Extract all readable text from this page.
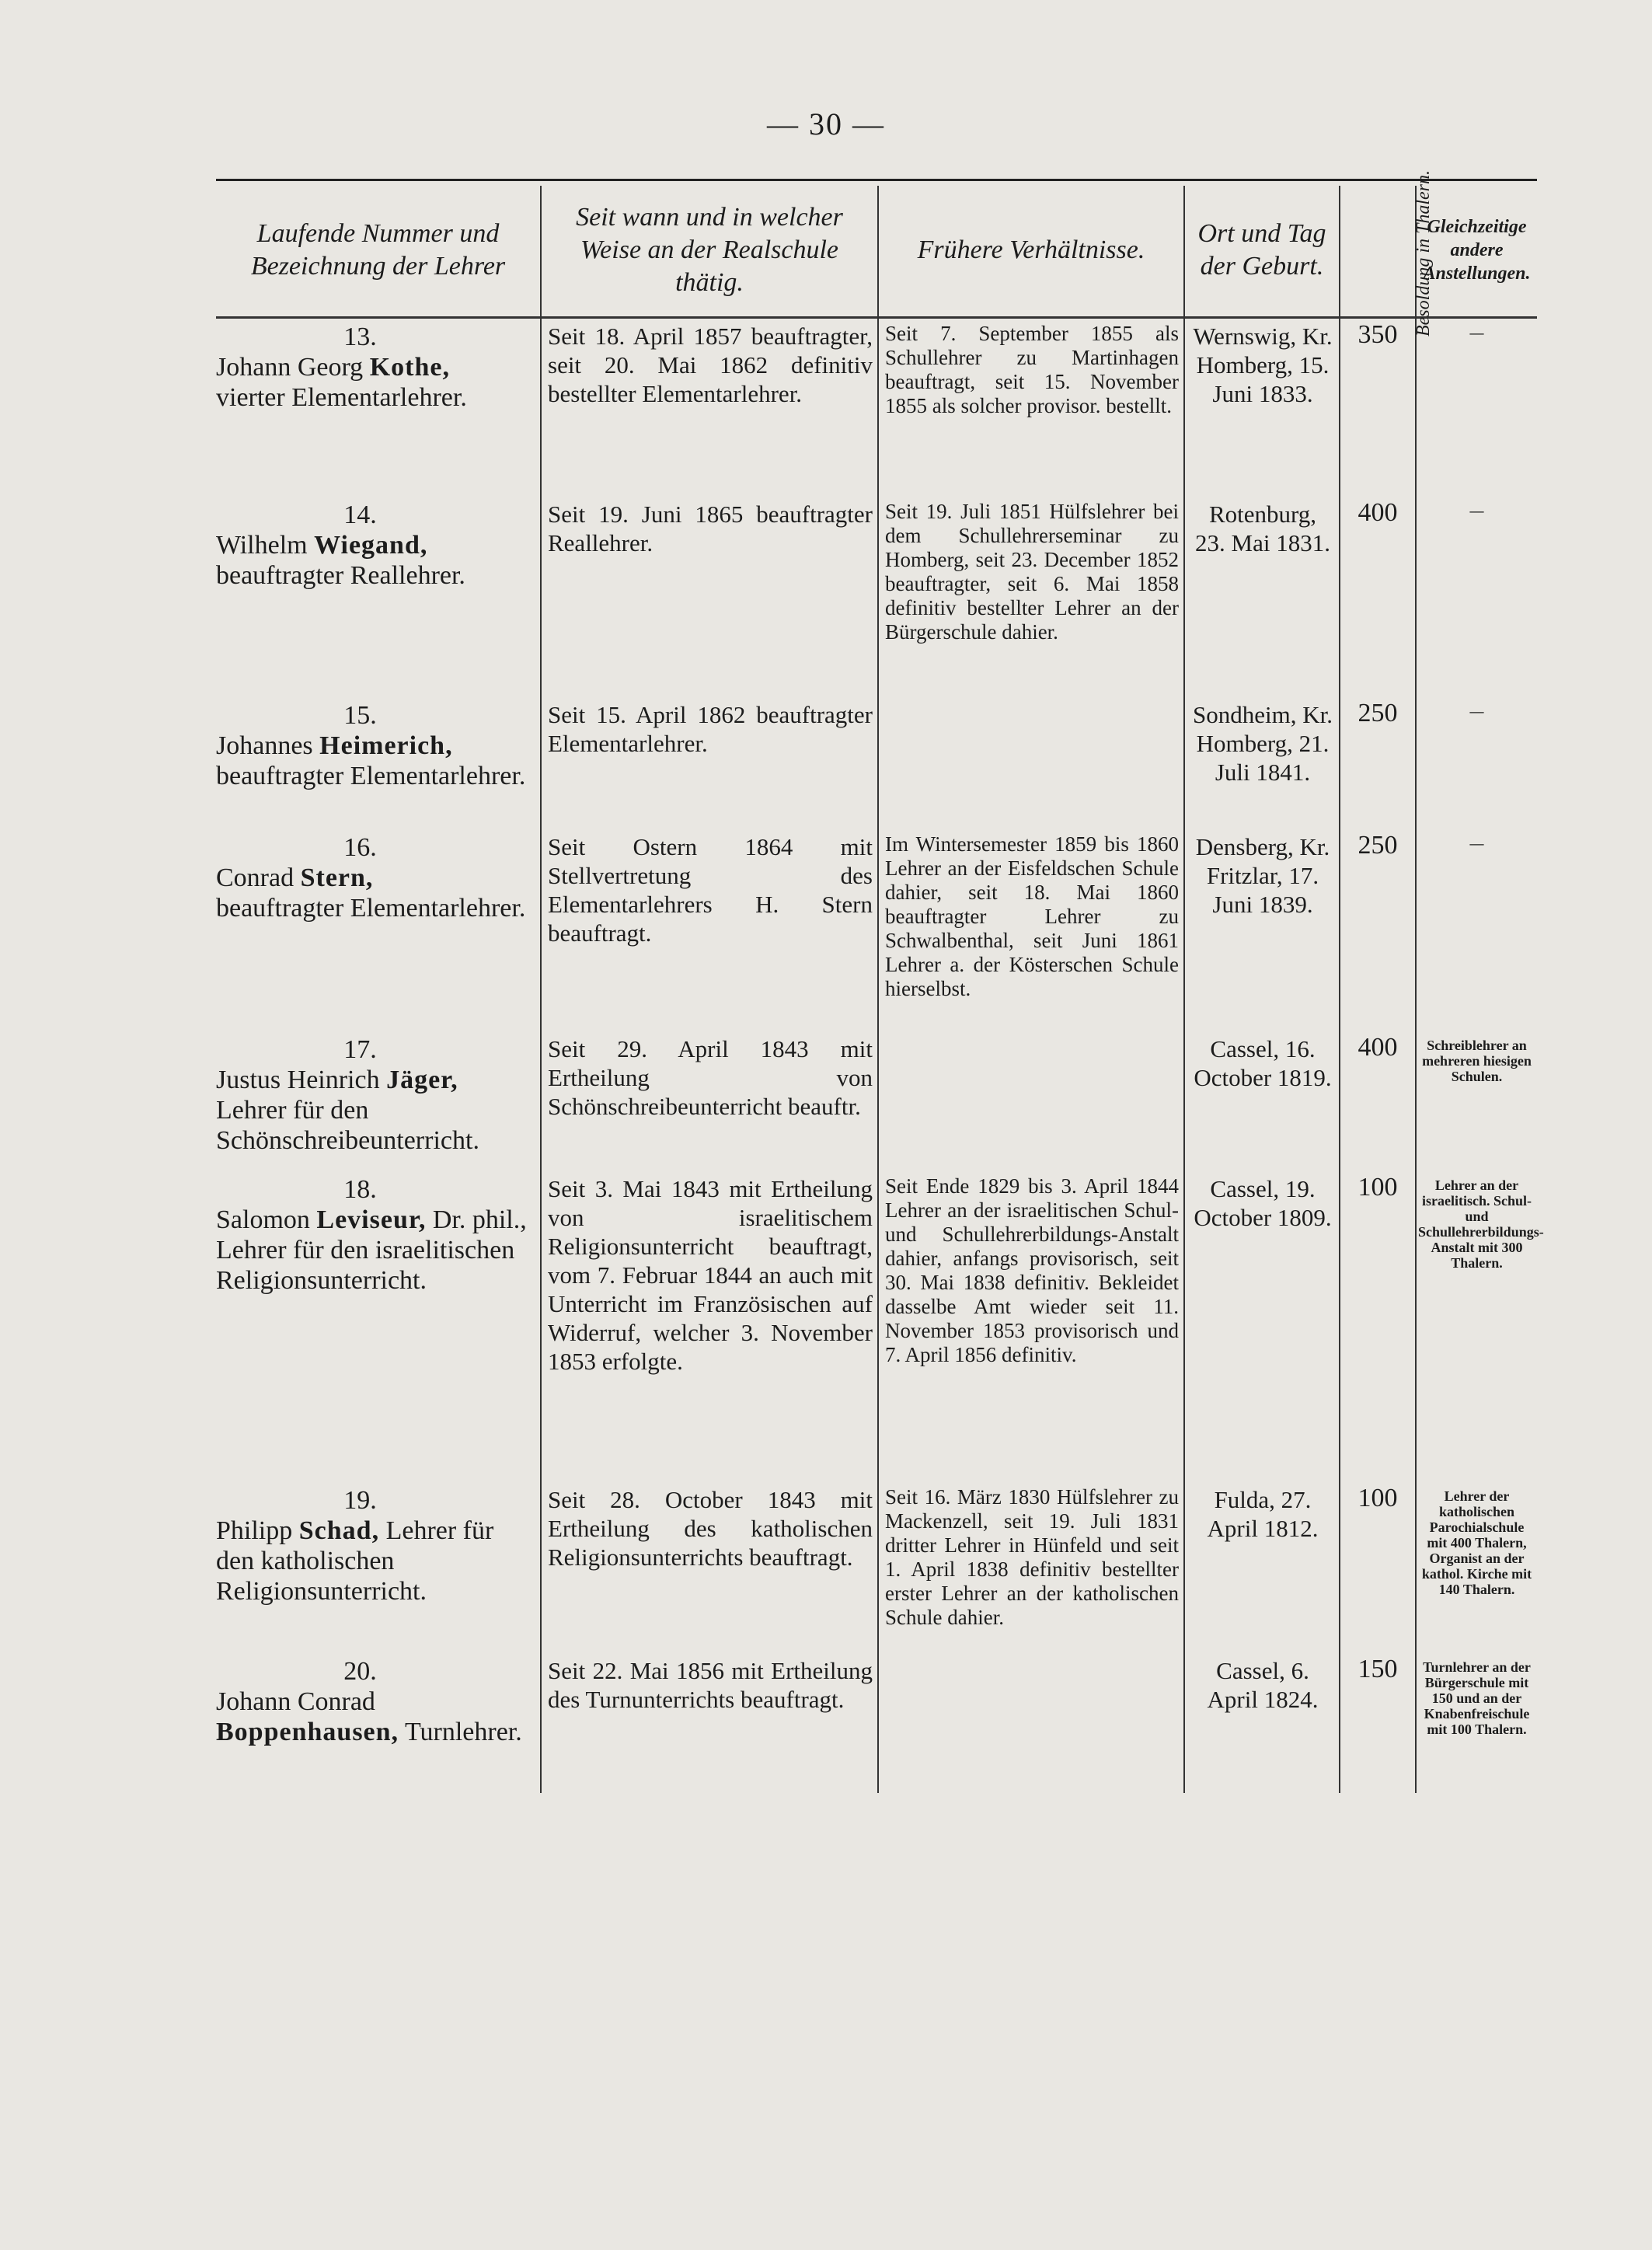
— 30 —
Laufende Nummer und Bezeichnung der Lehrer	Seit wann und in welcher Weise an der Realschule thätig.	Frühere Verhältnisse.	Ort und Tag der Geburt.	Besoldung in Thalern.	Gleichzeitige andere Anstellungen.

13.
Johann Georg Kothe,
vierter Elementarlehrer.	Seit 18. April 1857 beauftragter, seit 20. Mai 1862 definitiv bestellter Elementarlehrer.	Seit 7. September 1855 als Schullehrer zu Martinhagen beauftragt, seit 15. November 1855 als solcher provisor. bestellt.	Wernswig, Kr. Homberg, 15. Juni 1833.	350	—

14.
Wilhelm Wiegand,
beauftragter Reallehrer.	Seit 19. Juni 1865 beauftragter Reallehrer.	Seit 19. Juli 1851 Hülfslehrer bei dem Schullehrerseminar zu Homberg, seit 23. December 1852 beauftragter, seit 6. Mai 1858 definitiv bestellter Lehrer an der Bürgerschule dahier.	Rotenburg, 23. Mai 1831.	400	—

15.
Johannes Heimerich,
beauftragter Elementarlehrer.	Seit 15. April 1862 beauftragter Elementarlehrer.		Sondheim, Kr. Homberg, 21. Juli 1841.	250	—

16.
Conrad Stern,
beauftragter Elementarlehrer.	Seit Ostern 1864 mit Stellvertretung des Elementarlehrers H. Stern beauftragt.	Im Wintersemester 1859 bis 1860 Lehrer an der Eisfeldschen Schule dahier, seit 18. Mai 1860 beauftragter Lehrer zu Schwalbenthal, seit Juni 1861 Lehrer a. der Kösterschen Schule hierselbst.	Densberg, Kr. Fritzlar, 17. Juni 1839.	250	—

17.
Justus Heinrich Jäger,
Lehrer für den Schönschreibeunterricht.	Seit 29. April 1843 mit Ertheilung von Schönschreibeunterricht beauftr.		Cassel, 16. October 1819.	400	Schreiblehrer an mehreren hiesigen Schulen.

18.
Salomon Leviseur, Dr. phil., Lehrer für den israelitischen Religionsunterricht.	Seit 3. Mai 1843 mit Ertheilung von israelitischem Religionsunterricht beauftragt, vom 7. Februar 1844 an auch mit Unterricht im Französischen auf Widerruf, welcher 3. November 1853 erfolgte.	Seit Ende 1829 bis 3. April 1844 Lehrer an der israelitischen Schul- und Schullehrerbildungs-Anstalt dahier, anfangs provisorisch, seit 30. Mai 1838 definitiv. Bekleidet dasselbe Amt wieder seit 11. November 1853 provisorisch und 7. April 1856 definitiv.	Cassel, 19. October 1809.	100	Lehrer an der israelitisch. Schul- und Schullehrerbildungs-Anstalt mit 300 Thalern.

19.
Philipp Schad, Lehrer für den katholischen Religionsunterricht.	Seit 28. October 1843 mit Ertheilung des katholischen Religionsunterrichts beauftragt.	Seit 16. März 1830 Hülfslehrer zu Mackenzell, seit 19. Juli 1831 dritter Lehrer in Hünfeld und seit 1. April 1838 definitiv bestellter erster Lehrer an der katholischen Schule dahier.	Fulda, 27. April 1812.	100	Lehrer der katholischen Parochialschule mit 400 Thalern, Organist an der kathol. Kirche mit 140 Thalern.

20.
Johann Conrad Boppenhausen, Turnlehrer.	Seit 22. Mai 1856 mit Ertheilung des Turnunterrichts beauftragt.		Cassel, 6. April 1824.	150	Turnlehrer an der Bürgerschule mit 150 und an der Knabenfreischule mit 100 Thalern.
